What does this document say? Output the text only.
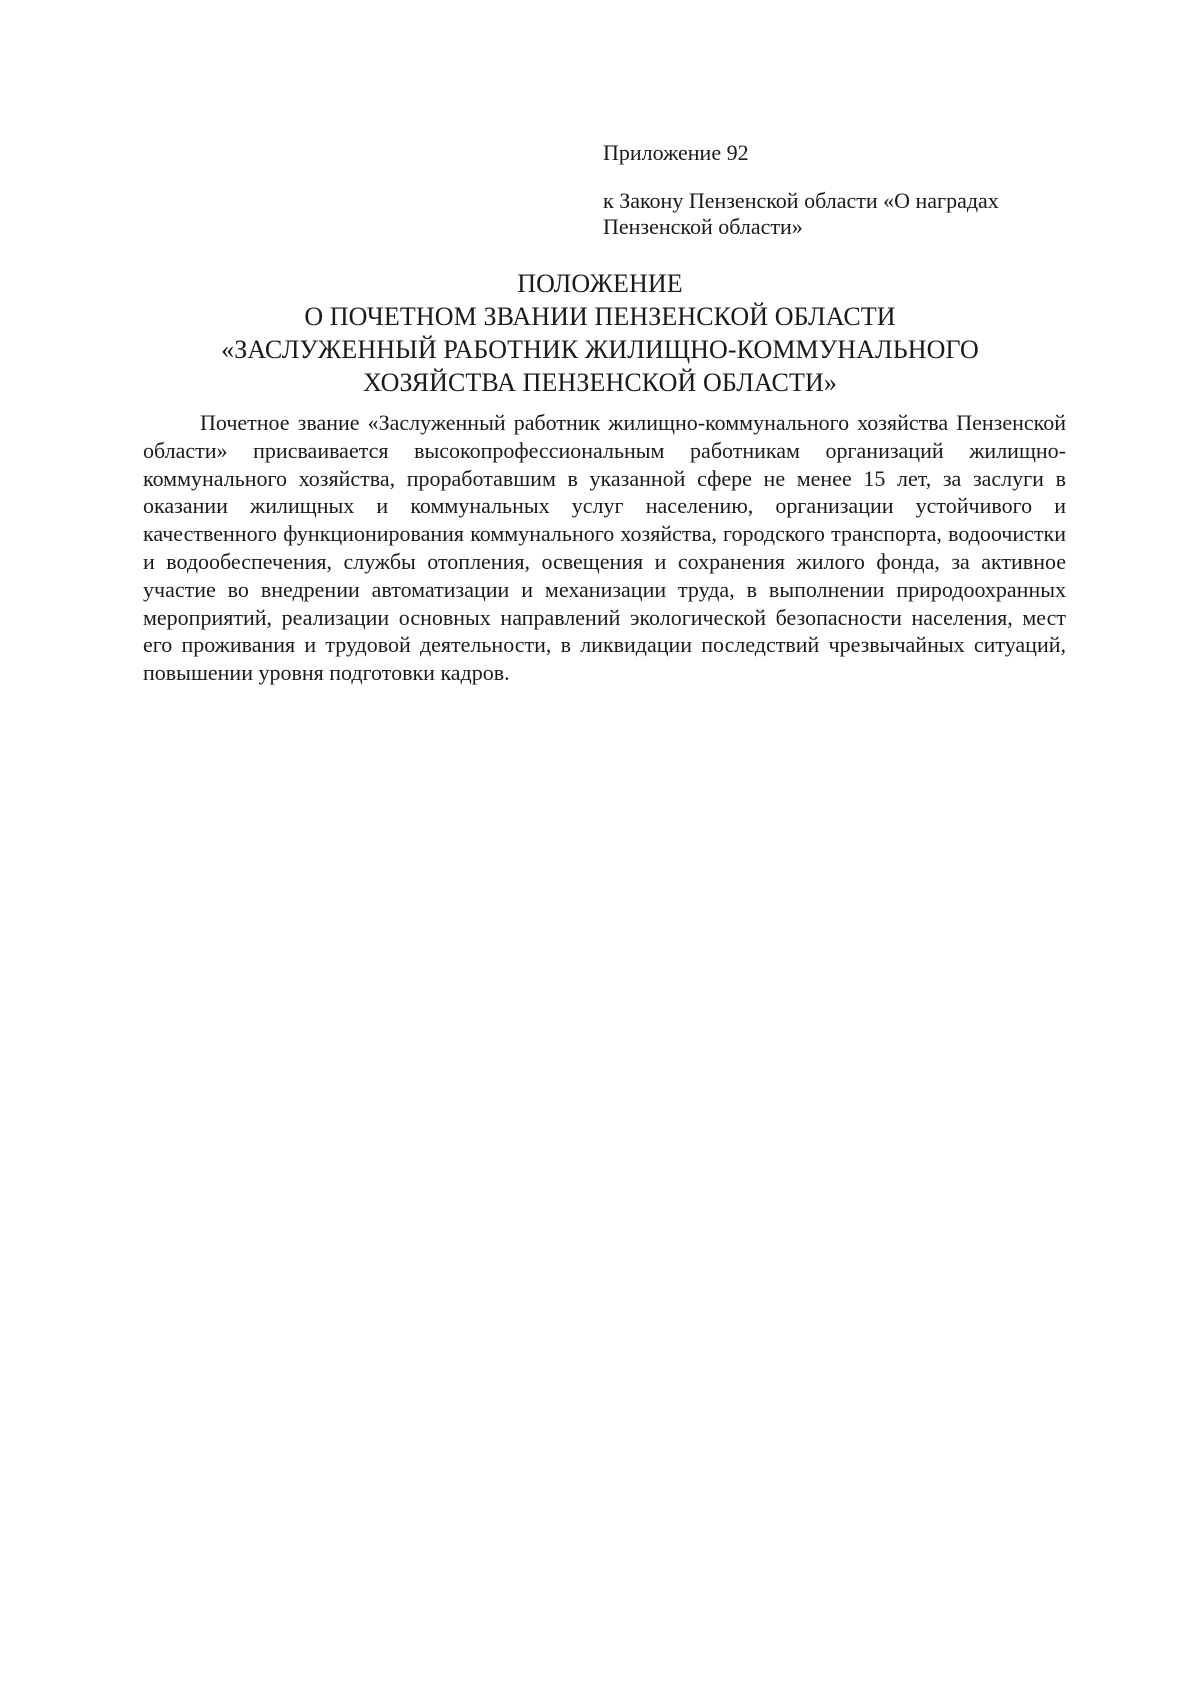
Приложение 92

к Закону Пензенской области «О наградах Пензенской области»

ПОЛОЖЕНИЕ
О ПОЧЕТНОМ ЗВАНИИ ПЕНЗЕНСКОЙ ОБЛАСТИ
«ЗАСЛУЖЕННЫЙ РАБОТНИК ЖИЛИЩНО-КОММУНАЛЬНОГО
ХОЗЯЙСТВА ПЕНЗЕНСКОЙ ОБЛАСТИ»

Почетное звание «Заслуженный работник жилищно-коммунального хозяйства Пензенской области» присваивается высокопрофессиональным работникам организаций жилищно-коммунального хозяйства, проработавшим в указанной сфере не менее 15 лет, за заслуги в оказании жилищных и коммунальных услуг населению, организации устойчивого и качественного функционирования коммунального хозяйства, городского транспорта, водоочистки и водообеспечения, службы отопления, освещения и сохранения жилого фонда, за активное участие во внедрении автоматизации и механизации труда, в выполнении природоохранных мероприятий, реализации основных направлений экологической безопасности населения, мест его проживания и трудовой деятельности, в ликвидации последствий чрезвычайных ситуаций, повышении уровня подготовки кадров.
